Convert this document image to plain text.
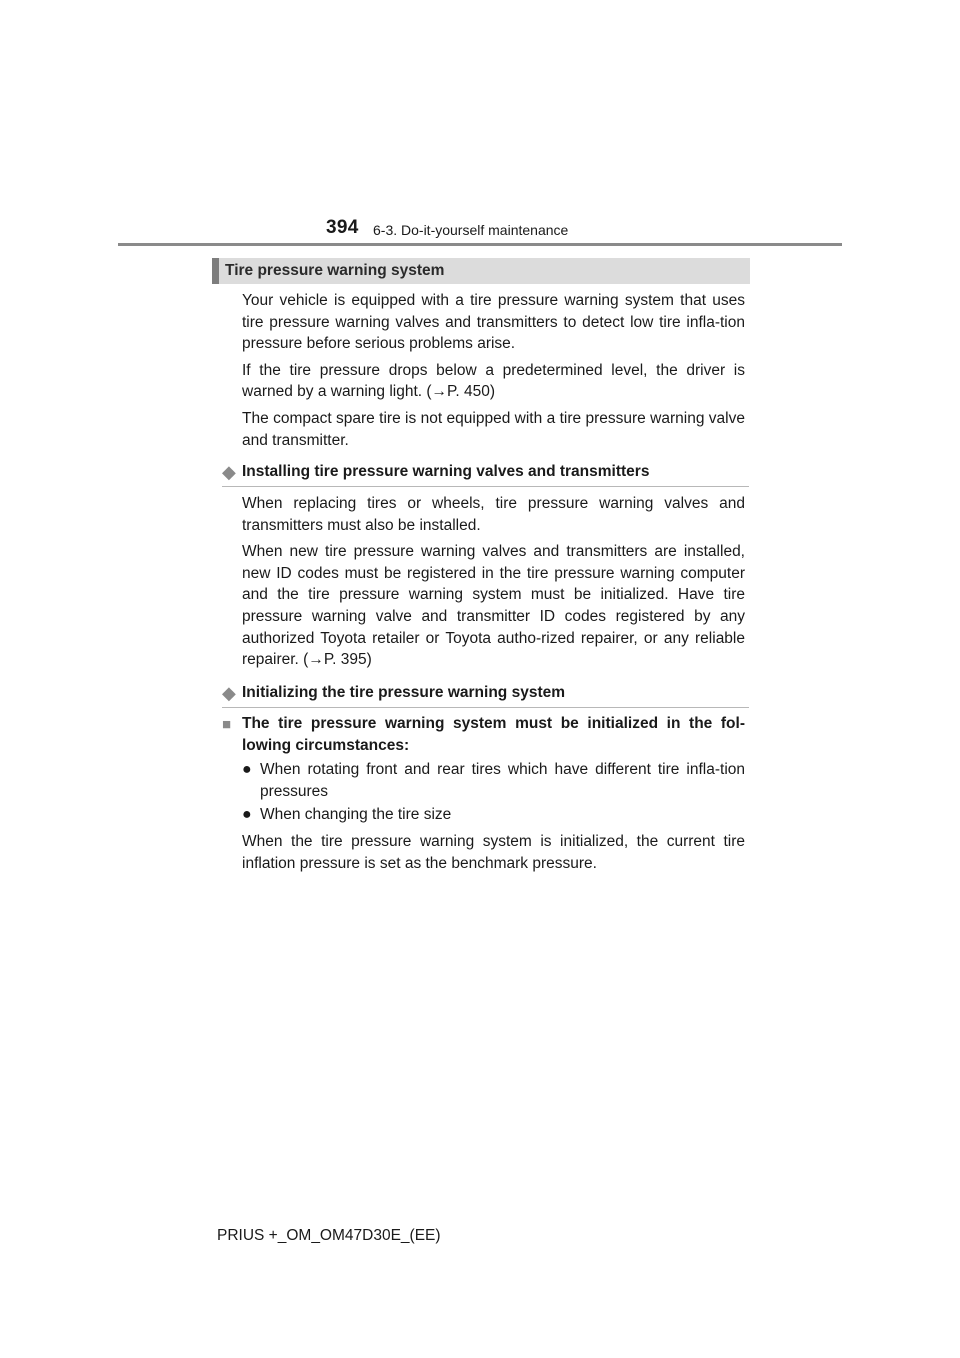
394 6-3. Do-it-yourself maintenance
Tire pressure warning system

Your vehicle is equipped with a tire pressure warning system that uses tire pressure warning valves and transmitters to detect low tire infla-tion pressure before serious problems arise.

If the tire pressure drops below a predetermined level, the driver is warned by a warning light. (→P. 450)

The compact spare tire is not equipped with a tire pressure warning valve and transmitter.

◆ Installing tire pressure warning valves and transmitters

When replacing tires or wheels, tire pressure warning valves and transmitters must also be installed.

When new tire pressure warning valves and transmitters are installed, new ID codes must be registered in the tire pressure warning computer and the tire pressure warning system must be initialized. Have tire pressure warning valve and transmitter ID codes registered by any authorized Toyota retailer or Toyota autho-rized repairer, or any reliable repairer. (→P. 395)

◆ Initializing the tire pressure warning system
■ The tire pressure warning system must be initialized in the fol-lowing circumstances:
● When rotating front and rear tires which have different tire infla-tion pressures
● When changing the tire size
When the tire pressure warning system is initialized, the current tire inflation pressure is set as the benchmark pressure.
PRIUS +_OM_OM47D30E_(EE)
